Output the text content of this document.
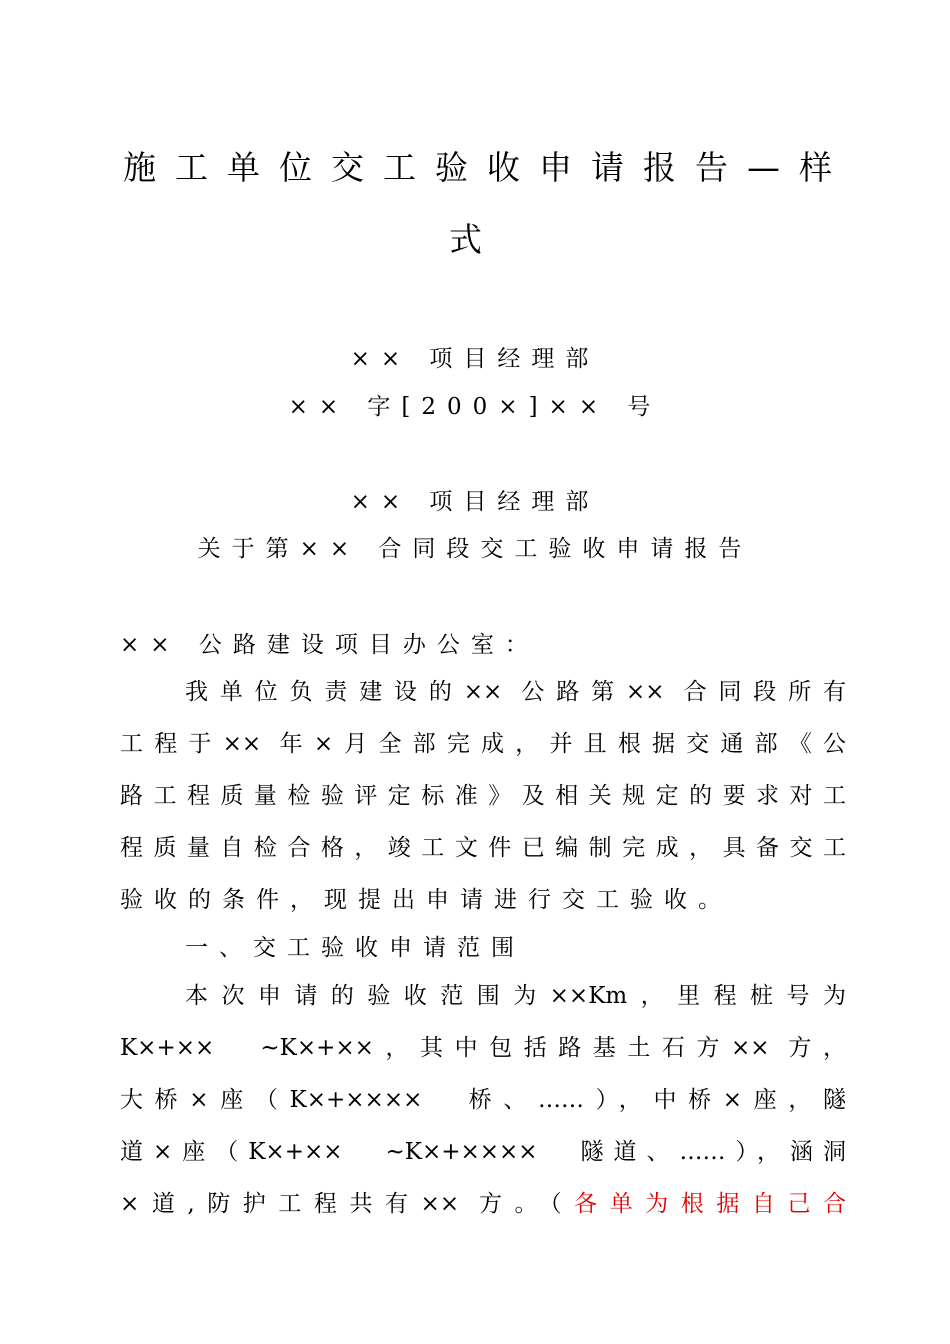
施工单位交工验收申请报告—样
式
×× 项目经理部
×× 字[200×]×× 号
×× 项目经理部
关于第×× 合同段交工验收申请报告
×× 公路建设项目办公室：
我单位负责建设的×× 公路第×× 合同段所有
工程于×× 年×月全部完成，并且根据交通部《公
路工程质量检验评定标准》及相关规定的要求对工
程质量自检合格，竣工文件已编制完成，具备交工
验收的条件，现提出申请进行交工验收。
一、交工验收申请范围
本次申请的验收范围为××Km，里程桩号为
K×+××　~K×+××，其中包括路基土石方×× 方，
大桥×座（K×+××××　桥、……），中桥×座，隧
道×座（K×+××　~K×+××××　隧道、……），涵洞
×道,防护工程共有×× 方。（各单为根据自己合
